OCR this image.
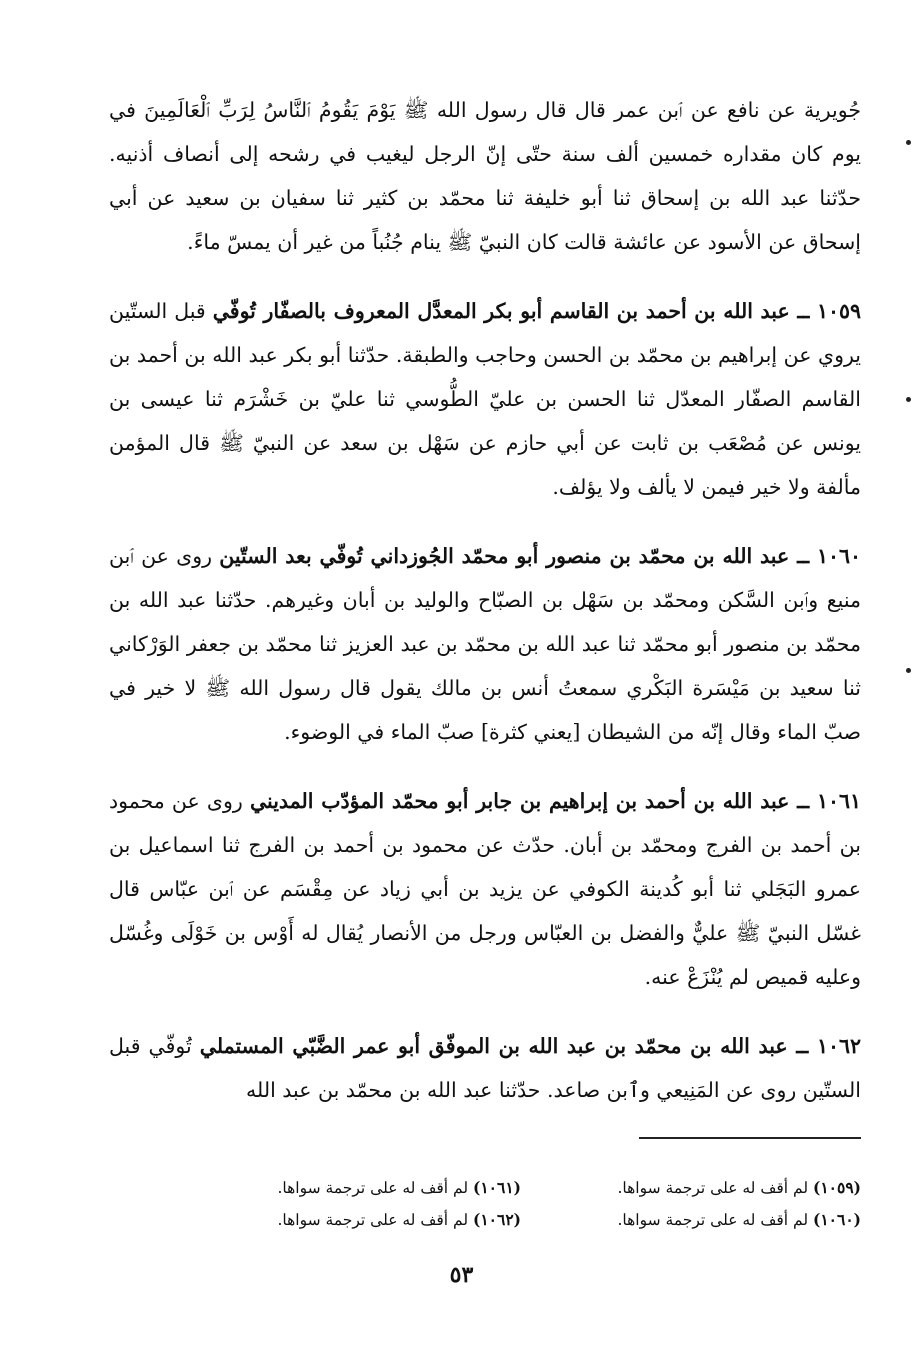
جُويرية عن نافع عن ٱبن عمر قال قال رسول الله ﷺ يَوْمَ يَقُومُ ٱلنَّاسُ لِرَبِّ ٱلْعَالَمِينَ في يوم كان مقداره خمسين ألف سنة حتّى إنّ الرجل ليغيب في رشحه إلى أنصاف أذنيه. حدّثنا عبد الله بن إسحاق ثنا أبو خليفة ثنا محمّد بن كثير ثنا سفيان بن سعيد عن أبي إسحاق عن الأسود عن عائشة قالت كان النبيّ ﷺ ينام جُنُباً من غير أن يمسّ ماءً.

١٠٥٩ ــ عبد الله بن أحمد بن القاسم أبو بكر المعدَّل المعروف بالصفّار تُوفّي قبل الستّين يروي عن إبراهيم بن محمّد بن الحسن وحاجب والطبقة. حدّثنا أبو بكر عبد الله بن أحمد بن القاسم الصفّار المعدّل ثنا الحسن بن عليّ الطُّوسي ثنا عليّ بن خَشْرَم ثنا عيسى بن يونس عن مُصْعَب بن ثابت عن أبي حازم عن سَهْل بن سعد عن النبيّ ﷺ قال المؤمن مألفة ولا خير فيمن لا يألف ولا يؤلف.

١٠٦٠ ــ عبد الله بن محمّد بن منصور أبو محمّد الجُوزداني تُوفّي بعد الستّين روى عن ٱبن منيع وٱبن السَّكن ومحمّد بن سَهْل بن الصبّاح والوليد بن أبان وغيرهم. حدّثنا عبد الله بن محمّد بن منصور أبو محمّد ثنا عبد الله بن محمّد بن عبد العزيز ثنا محمّد بن جعفر الوَرْكاني ثنا سعيد بن مَيْسَرة البَكْري سمعتُ أنس بن مالك يقول قال رسول الله ﷺ لا خير في صبّ الماء وقال إنّه من الشيطان [يعني كثرة] صبّ الماء في الوضوء.

١٠٦١ ــ عبد الله بن أحمد بن إبراهيم بن جابر أبو محمّد المؤدّب المديني روى عن محمود بن أحمد بن الفرج ومحمّد بن أبان. حدّث عن محمود بن أحمد بن الفرج ثنا اسماعيل بن عمرو البَجَلي ثنا أبو كُدينة الكوفي عن يزيد بن أبي زياد عن مِقْسَم عن ٱبن عبّاس قال غسّل النبيّ ﷺ عليٌّ والفضل بن العبّاس ورجل من الأنصار يُقال له أَوْس بن خَوْلَى وغُسّل وعليه قميص لم يُنْزَعْ عنه.

١٠٦٢ ــ عبد الله بن محمّد بن عبد الله بن الموفّق أبو عمر الضَّبّي المستملي تُوفّي قبل الستّين روى عن المَنِيعي وٱبن صاعد. حدّثنا عبد الله بن محمّد بن عبد الله

(١٠٥٩) لم أقف له على ترجمة سواها.
(١٠٦٠) لم أقف له على ترجمة سواها.
(١٠٦١) لم أقف له على ترجمة سواها.
(١٠٦٢) لم أقف له على ترجمة سواها.
٥٣
